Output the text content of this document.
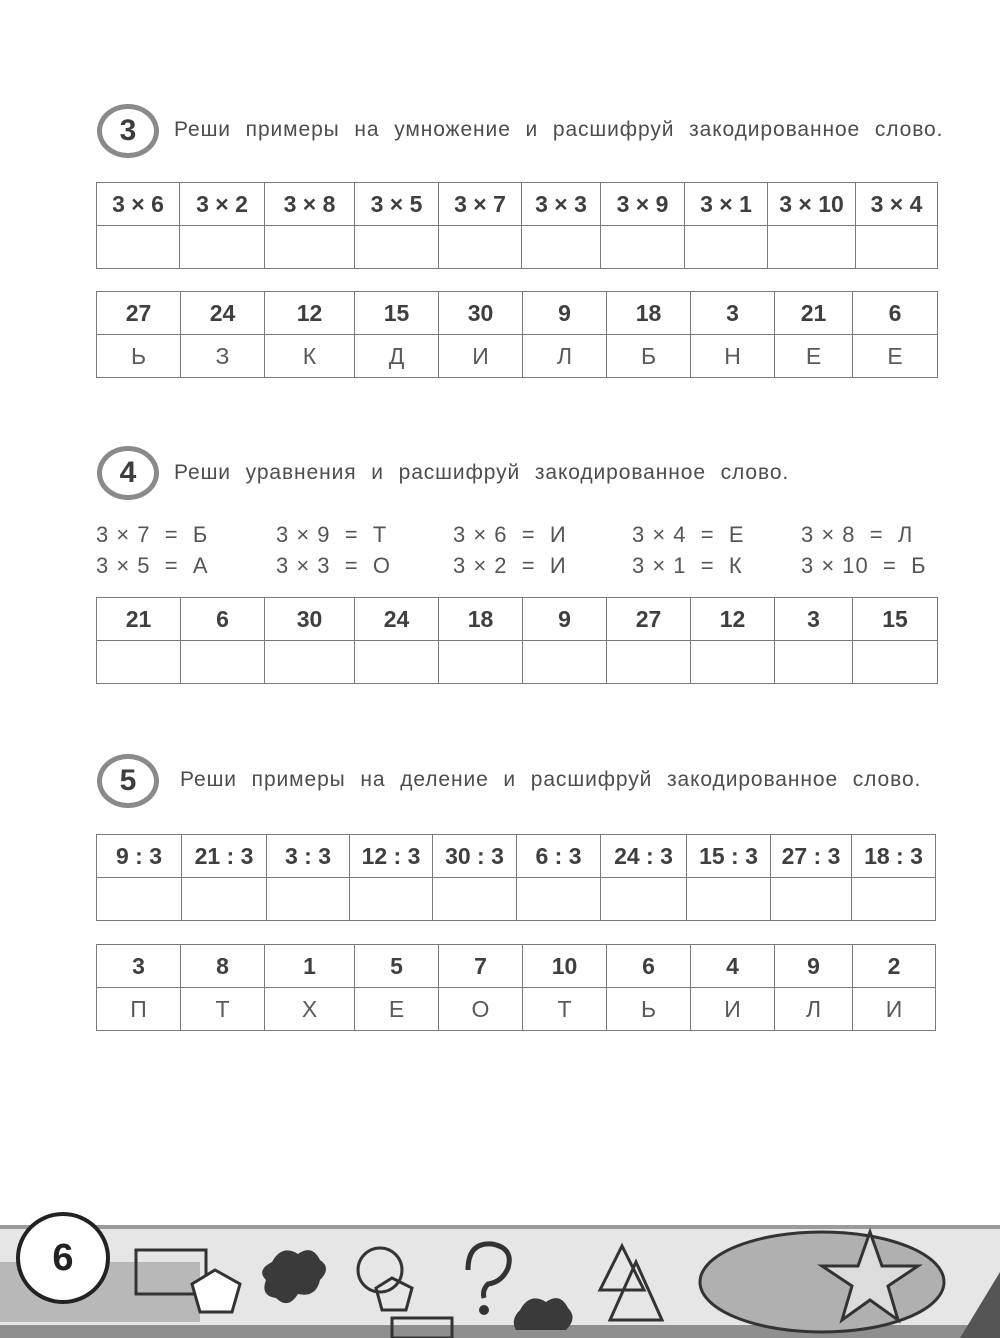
3 Реши примеры на умножение и расшифруй закодированное слово.
3 × 6	3 × 2	3 × 8	3 × 5	3 × 7	3 × 3	3 × 9	3 × 1	3 × 10	3 × 4

27	24	12	15	30	9	18	3	21	6
Ь	З	К	Д	И	Л	Б	Н	Е	Е
4 Реши уравнения и расшифруй закодированное слово.
3 × 7  =  Б	3 × 9  =  Т	3 × 6  =  И	3 × 4  =  Е	3 × 8  =  Л
3 × 5  =  А	3 × 3  =  О	3 × 2  =  И	3 × 1  =  К	3 × 10  =  Б
21	6	30	24	18	9	27	12	3	15

5 Реши примеры на деление и расшифруй закодированное слово.
9 : 3	21 : 3	3 : 3	12 : 3	30 : 3	6 : 3	24 : 3	15 : 3	27 : 3	18 : 3

3	8	1	5	7	10	6	4	9	2
П	Т	Х	Е	О	Т	Ь	И	Л	И
6
